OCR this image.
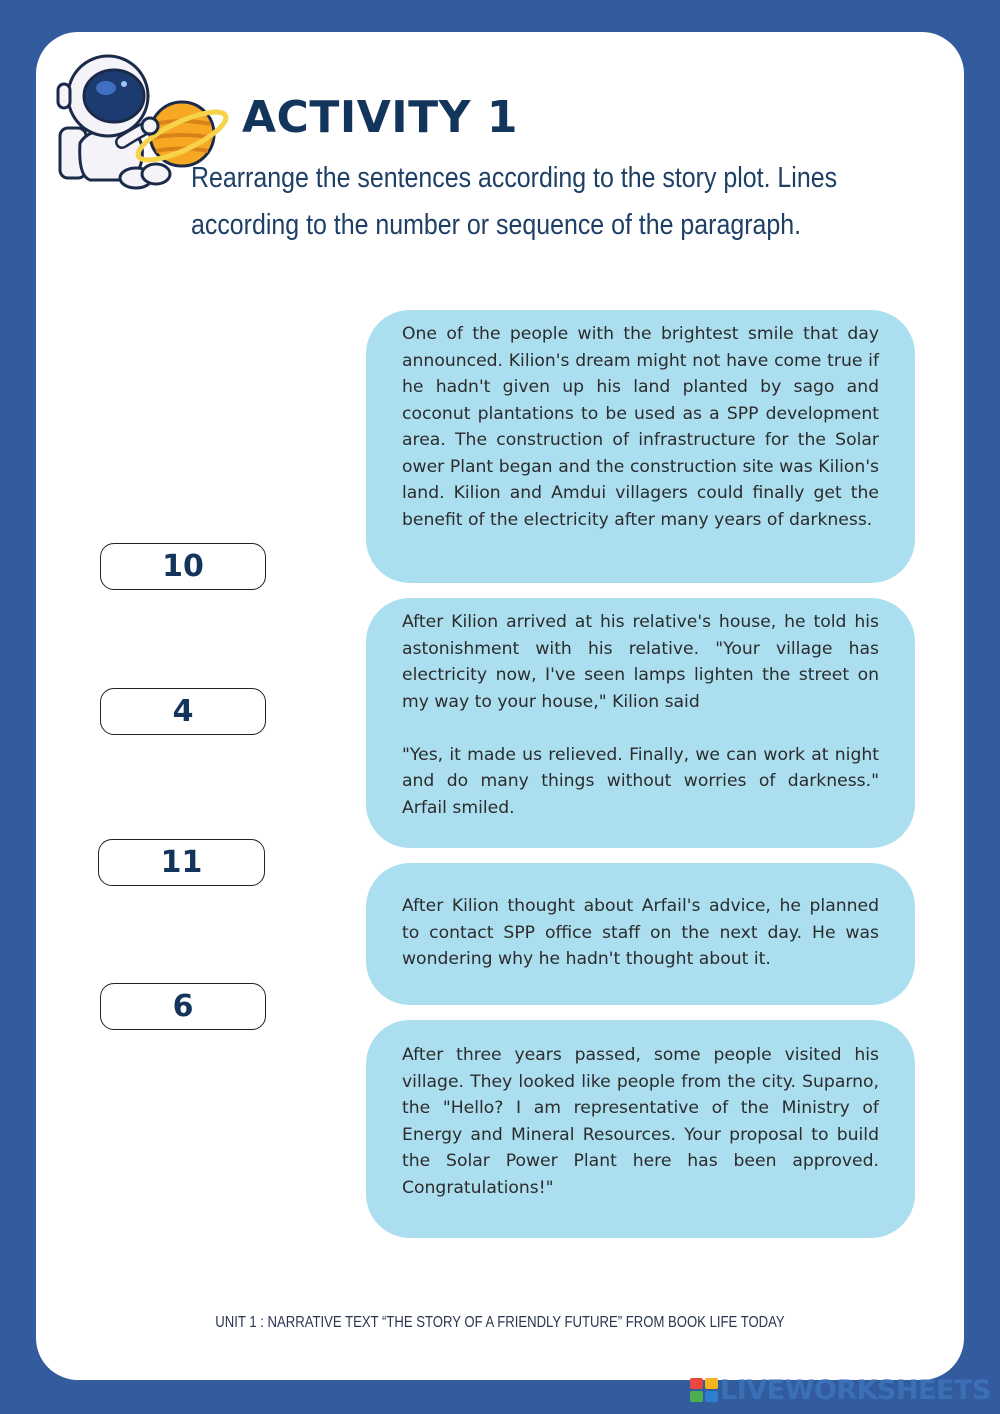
ACTIVITY 1
Rearrange the sentences according to the story plot. Lines according to the number or sequence of the paragraph.
10
4
11
6

One of the people with the brightest smile that day announced. Kilion's dream might not have come true if he hadn't given up his land planted by sago and coconut plantations to be used as a SPP development area. The construction of infrastructure for the Solar ower Plant began and the construction site was Kilion's land. Kilion and Amdui villagers could finally get the benefit of the electricity after many years of darkness.

After Kilion arrived at his relative's house, he told his astonishment with his relative. "Your village has electricity now, I've seen lamps lighten the street on my way to your house," Kilion said

"Yes, it made us relieved. Finally, we can work at night and do many things without worries of darkness." Arfail smiled.

After Kilion thought about Arfail's advice, he planned to contact SPP office staff on the next day. He was wondering why he hadn't thought about it.

After three years passed, some people visited his village. They looked like people from the city. Suparno, the "Hello? I am representative of the Ministry of Energy and Mineral Resources. Your proposal to build the Solar Power Plant here has been approved. Congratulations!"

UNIT 1 : NARRATIVE TEXT “THE STORY OF A FRIENDLY FUTURE” FROM BOOK LIFE TODAY
LIVEWORKSHEETS
